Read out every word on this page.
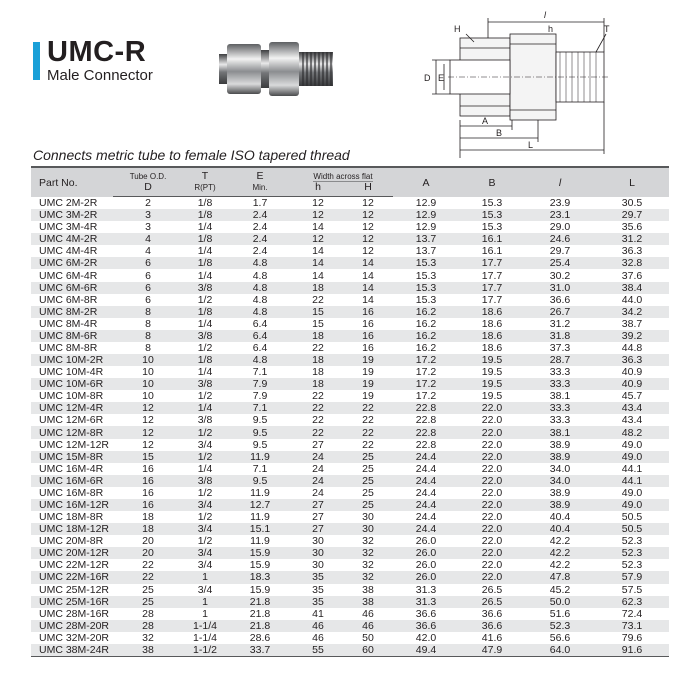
UMC-R
Male Connector
H
l
h	T
D E
A
B
L
Connects metric tube to female ISO tapered thread
Part No.	Tube O.D.	T	E	Width across flat		A	B	l	L
	D	R(PT)	Min.	h	H				
UMC 2M-2R	2	1/8	1.7	12	12	12.9	15.3	23.9	30.5
UMC 3M-2R	3	1/8	2.4	12	12	12.9	15.3	23.1	29.7
UMC 3M-4R	3	1/4	2.4	14	12	12.9	15.3	29.0	35.6
UMC 4M-2R	4	1/8	2.4	12	12	13.7	16.1	24.6	31.2
UMC 4M-4R	4	1/4	2.4	14	12	13.7	16.1	29.7	36.3
UMC 6M-2R	6	1/8	4.8	14	14	15.3	17.7	25.4	32.8
UMC 6M-4R	6	1/4	4.8	14	14	15.3	17.7	30.2	37.6
UMC 6M-6R	6	3/8	4.8	18	14	15.3	17.7	31.0	38.4
UMC 6M-8R	6	1/2	4.8	22	14	15.3	17.7	36.6	44.0
UMC 8M-2R	8	1/8	4.8	15	16	16.2	18.6	26.7	34.2
UMC 8M-4R	8	1/4	6.4	15	16	16.2	18.6	31.2	38.7
UMC 8M-6R	8	3/8	6.4	18	16	16.2	18.6	31.8	39.2
UMC 8M-8R	8	1/2	6.4	22	16	16.2	18.6	37.3	44.8
UMC 10M-2R	10	1/8	4.8	18	19	17.2	19.5	28.7	36.3
UMC 10M-4R	10	1/4	7.1	18	19	17.2	19.5	33.3	40.9
UMC 10M-6R	10	3/8	7.9	18	19	17.2	19.5	33.3	40.9
UMC 10M-8R	10	1/2	7.9	22	19	17.2	19.5	38.1	45.7
UMC 12M-4R	12	1/4	7.1	22	22	22.8	22.0	33.3	43.4
UMC 12M-6R	12	3/8	9.5	22	22	22.8	22.0	33.3	43.4
UMC 12M-8R	12	1/2	9.5	22	22	22.8	22.0	38.1	48.2
UMC 12M-12R	12	3/4	9.5	27	22	22.8	22.0	38.9	49.0
UMC 15M-8R	15	1/2	11.9	24	25	24.4	22.0	38.9	49.0
UMC 16M-4R	16	1/4	7.1	24	25	24.4	22.0	34.0	44.1
UMC 16M-6R	16	3/8	9.5	24	25	24.4	22.0	34.0	44.1
UMC 16M-8R	16	1/2	11.9	24	25	24.4	22.0	38.9	49.0
UMC 16M-12R	16	3/4	12.7	27	25	24.4	22.0	38.9	49.0
UMC 18M-8R	18	1/2	11.9	27	30	24.4	22.0	40.4	50.5
UMC 18M-12R	18	3/4	15.1	27	30	24.4	22.0	40.4	50.5
UMC 20M-8R	20	1/2	11.9	30	32	26.0	22.0	42.2	52.3
UMC 20M-12R	20	3/4	15.9	30	32	26.0	22.0	42.2	52.3
UMC 22M-12R	22	3/4	15.9	30	32	26.0	22.0	42.2	52.3
UMC 22M-16R	22	1	18.3	35	32	26.0	22.0	47.8	57.9
UMC 25M-12R	25	3/4	15.9	35	38	31.3	26.5	45.2	57.5
UMC 25M-16R	25	1	21.8	35	38	31.3	26.5	50.0	62.3
UMC 28M-16R	28	1	21.8	41	46	36.6	36.6	51.6	72.4
UMC 28M-20R	28	1-1/4	21.8	46	46	36.6	36.6	52.3	73.1
UMC 32M-20R	32	1-1/4	28.6	46	50	42.0	41.6	56.6	79.6
UMC 38M-24R	38	1-1/2	33.7	55	60	49.4	47.9	64.0	91.6
